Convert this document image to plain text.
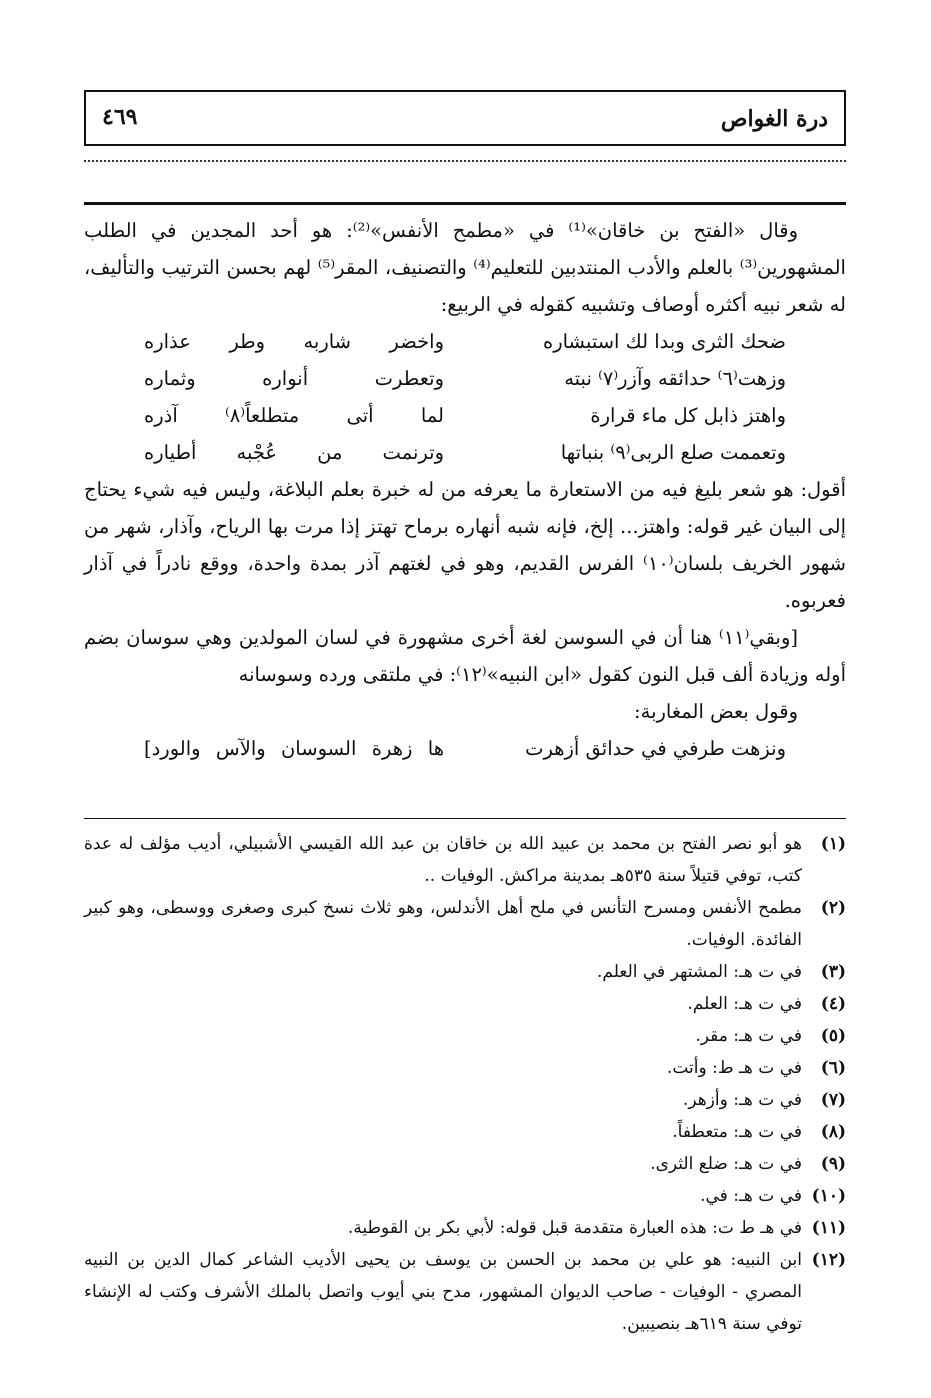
درة الغواص
٤٦٩

وقال «الفتح بن خاقان»⁽¹⁾ في «مطمح الأنفس»⁽²⁾: هو أحد المجدين في الطلب المشهورين⁽³⁾ بالعلم والأدب المنتدبين للتعليم⁽⁴⁾ والتصنيف، المقر⁽⁵⁾ لهم بحسن الترتيب والتأليف، له شعر نبيه أكثره أوصاف وتشبيه كقوله في الربيع:

ضحك الثرى وبدا لك استبشاره
واخضر شاربه وطر عذاره
وزهت⁽٦⁾ حدائقه وآزر⁽٧⁾ نبته
وتعطرت أنواره وثماره
واهتز ذابل كل ماء قرارة
لما أتى متطلعاً⁽٨⁾ آذره
وتعممت صلع الربى⁽٩⁾ بنباتها
وترنمت من عُجْبه أطياره

أقول: هو شعر بليغ فيه من الاستعارة ما يعرفه من له خبرة بعلم البلاغة، وليس فيه شيء يحتاج إلى البيان غير قوله: واهتز... إلخ، فإنه شبه أنهاره برماح تهتز إذا مرت بها الرياح، وآذار، شهر من شهور الخريف بلسان⁽١٠⁾ الفرس القديم، وهو في لغتهم آذر بمدة واحدة، ووقع نادراً في آذار فعربوه.

[وبقي⁽١١⁾ هنا أن في السوسن لغة أخرى مشهورة في لسان المولدين وهي سوسان بضم أوله وزيادة ألف قبل النون كقول «ابن النبيه»⁽١٢⁾: في ملتقى ورده وسوسانه

وقول بعض المغاربة:

ونزهت طرفي في حدائق أزهرت
ها زهرة السوسان والآس والورد]
(١)
هو أبو نصر الفتح بن محمد بن عبيد الله بن خاقان بن عبد الله القيسي الأشبيلي، أديب مؤلف له عدة كتب، توفي قتيلاً سنة ٥٣٥هـ بمدينة مراكش. الوفيات ..
(٢)
مطمح الأنفس ومسرح التأنس في ملح أهل الأندلس، وهو ثلاث نسخ كبرى وصغرى ووسطى، وهو كبير الفائدة. الوفيات.
(٣)
في ت هـ: المشتهر في العلم.
(٤)
في ت هـ: العلم.
(٥)
في ت هـ: مقر.
(٦)
في ت هـ ط: وأتت.
(٧)
في ت هـ: وأزهر.
(٨)
في ت هـ: متعطفاً.
(٩)
في ت هـ: ضلع الثرى.
(١٠)
في ت هـ: في.
(١١)
في هـ ط ت: هذه العبارة متقدمة قبل قوله: لأبي بكر بن القوطية.
(١٢)
ابن النبيه: هو علي بن محمد بن الحسن بن يوسف بن يحيى الأديب الشاعر كمال الدين بن النبيه المصري - الوفيات - صاحب الديوان المشهور، مدح بني أيوب واتصل بالملك الأشرف وكتب له الإنشاء توفي سنة ٦١٩هـ بنصيبين.
